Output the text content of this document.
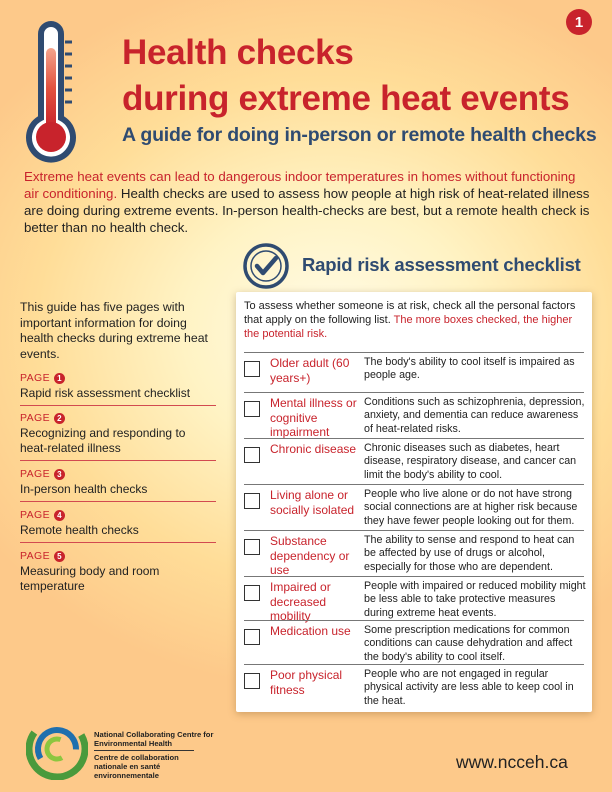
Health checks
during extreme heat events
A guide for doing in-person or remote health checks
1
Extreme heat events can lead to dangerous indoor temperatures in homes without functioning air conditioning. Health checks are used to assess how people at high risk of heat-related illness are doing during extreme events. In-person health-checks are best, but a remote health check is better than no health check.
Rapid risk assessment checklist
This guide has five pages with important information for doing health checks during extreme heat events.
PAGE 1
Rapid risk assessment checklist
PAGE 2
Recognizing and responding to heat-related illness
PAGE 3
In-person health checks
PAGE 4
Remote health checks
PAGE 5
Measuring body and room temperature
To assess whether someone is at risk, check all the personal factors that apply on the following list. The more boxes checked, the higher the potential risk.
Older adult (60 years+)
The body's ability to cool itself is impaired as people age.
Mental illness or cognitive impairment
Conditions such as schizophrenia, depression, anxiety, and dementia can reduce awareness of heat-related risks.
Chronic disease Chronic diseases such as diabetes, heart disease, respiratory disease, and cancer can limit the body's ability to cool.
Living alone or socially isolated
People who live alone or do not have strong social connections are at higher risk because they have fewer people looking out for them.
Substance dependency or use
The ability to sense and respond to heat can be affected by use of drugs or alcohol, especially for those who are dependent.
Impaired or decreased mobility
People with impaired or reduced mobility might be less able to take protective measures during extreme heat events.
Medication use	Some prescription medications for common conditions can cause dehydration and affect the body's ability to cool itself.
Poor physical fitness
People who are not engaged in regular physical activity are less able to keep cool in the heat.
National Collaborating Centre for Environmental Health
Centre de collaboration nationale en santé environnementale
www.ncceh.ca
